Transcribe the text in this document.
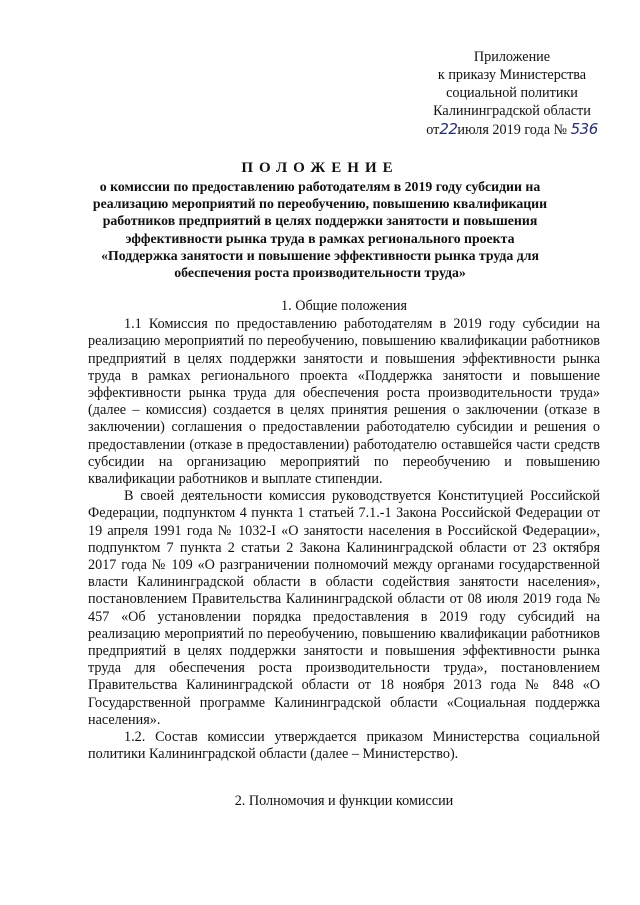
Приложение
к приказу Министерства
социальной политики
Калининградской области
от22июля 2019 года № 536
ПОЛОЖЕНИЕ
о комиссии по предоставлению работодателям в 2019 году субсидии на реализацию мероприятий по переобучению, повышению квалификации работников предприятий в целях поддержки занятости и повышения эффективности рынка труда в рамках регионального проекта «Поддержка занятости и повышение эффективности рынка труда для обеспечения роста производительности труда»
1. Общие положения

1.1 Комиссия по предоставлению работодателям в 2019 году субсидии на реализацию мероприятий по переобучению, повышению квалификации работников предприятий в целях поддержки занятости и повышения эффективности рынка труда в рамках регионального проекта «Поддержка занятости и повышение эффективности рынка труда для обеспечения роста производительности труда» (далее – комиссия) создается в целях принятия решения о заключении (отказе в заключении) соглашения о предоставлении работодателю субсидии и решения о предоставлении (отказе в предоставлении) работодателю оставшейся части средств субсидии на организацию мероприятий по переобучению и повышению квалификации работников и выплате стипендии.

В своей деятельности комиссия руководствуется Конституцией Российской Федерации, подпунктом 4 пункта 1 статьей 7.1.-1 Закона Российской Федерации от 19 апреля 1991 года № 1032-I «О занятости населения в Российской Федерации», подпунктом 7 пункта 2 статьи 2 Закона Калининградской области от 23 октября 2017 года № 109 «О разграничении полномочий между органами государственной власти Калининградской области в области содействия занятости населения», постановлением Правительства Калининградской области от 08 июля 2019 года № 457 «Об установлении порядка предоставления в 2019 году субсидий на реализацию мероприятий по переобучению, повышению квалификации работников предприятий в целях поддержки занятости и повышения эффективности рынка труда для обеспечения роста производительности труда», постановлением Правительства Калининградской области от 18 ноября 2013 года № 848 «О Государственной программе Калининградской области «Социальная поддержка населения».

1.2. Состав комиссии утверждается приказом Министерства социальной политики Калининградской области (далее – Министерство).

2. Полномочия и функции комиссии
